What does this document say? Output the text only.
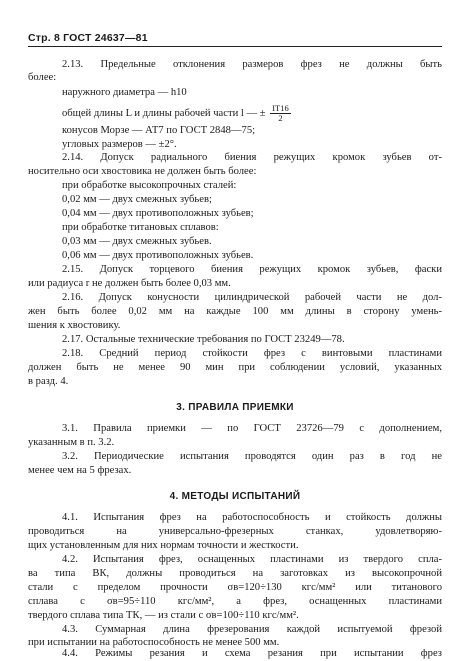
Стр. 8 ГОСТ 24637—81
2.13. Предельные отклонения размеров фрез не должны быть
более:
наружного диаметра — h10
общей длины L и длины рабочей части l — ± $\frac{IT16}{2}$
конусов Морзе — АТ7 по ГОСТ 2848—75;
угловых размеров — ±2°.
2.14. Допуск радиального биения режущих кромок зубьев от-
носительно оси хвостовика не должен быть более:
при обработке высокопрочных сталей:
0,02 мм — двух смежных зубьев;
0,04 мм — двух противоположных зубьев;
при обработке титановых сплавов:
0,03 мм — двух смежных зубьев.
0,06 мм — двух противоположных зубьев.
2.15. Допуск торцевого биения режущих кромок зубьев, фаски
или радиуса r не должен быть более 0,03 мм.
2.16. Допуск конусности цилиндрической рабочей части не дол-
жен быть более 0,02 мм на каждые 100 мм длины в сторону умень-
шения к хвостовику.
2.17. Остальные технические требования по ГОСТ 23249—78.
2.18. Средний период стойкости фрез с винтовыми пластинами
должен быть не менее 90 мин при соблюдении условий, указанных
в разд. 4.
3. ПРАВИЛА ПРИЕМКИ
3.1. Правила приемки — по ГОСТ 23726—79 с дополнением,
указанным в п. 3.2.
3.2. Периодические испытания проводятся один раз в год не
менее чем на 5 фрезах.
4. МЕТОДЫ ИСПЫТАНИЙ
4.1. Испытания фрез на работоспособность и стойкость должны
проводиться на универсально-фрезерных станках, удовлетворяю-
щих установленным для них нормам точности и жесткости.
4.2. Испытания фрез, оснащенных пластинами из твердого спла-
ва типа ВК, должны проводиться на заготовках из высокопрочной
стали с пределом прочности σв=120÷130 кгс/мм² или титанового
сплава с σв=95÷110 кгс/мм², а фрез, оснащенных пластинами
твердого сплава типа ТК, — из стали с σв=100÷110 кгс/мм².
4.3. Суммарная длина фрезерования каждой испытуемой фрезой
при испытании на работоспособность не менее 500 мм.
4.4. Режимы резания и схема резания при испытании фрез
